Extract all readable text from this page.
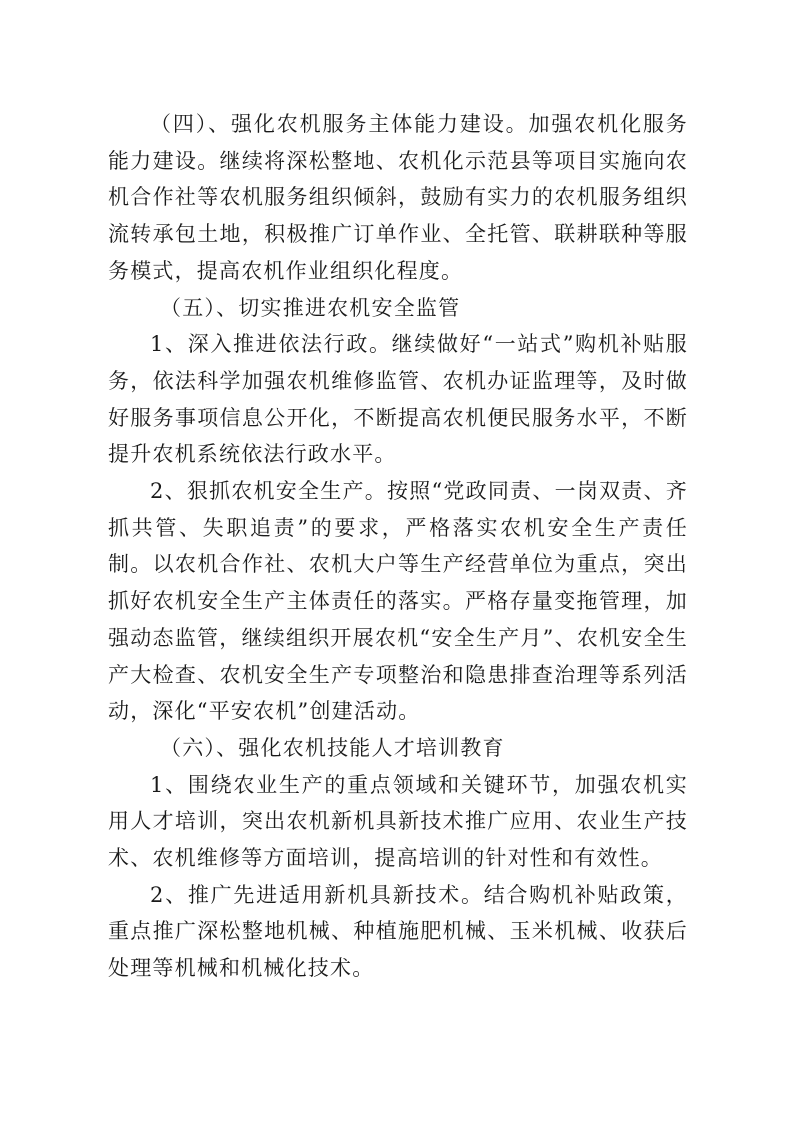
（四）、强化农机服务主体能力建设。加强农机化服务能力建设。继续将深松整地、农机化示范县等项目实施向农机合作社等农机服务组织倾斜，鼓励有实力的农机服务组织流转承包土地，积极推广订单作业、全托管、联耕联种等服务模式，提高农机作业组织化程度。

（五）、切实推进农机安全监管

1、深入推进依法行政。继续做好“一站式”购机补贴服务，依法科学加强农机维修监管、农机办证监理等，及时做好服务事项信息公开化，不断提高农机便民服务水平，不断提升农机系统依法行政水平。

2、狠抓农机安全生产。按照“党政同责、一岗双责、齐抓共管、失职追责”的要求，严格落实农机安全生产责任制。以农机合作社、农机大户等生产经营单位为重点，突出抓好农机安全生产主体责任的落实。严格存量变拖管理，加强动态监管，继续组织开展农机“安全生产月”、农机安全生产大检查、农机安全生产专项整治和隐患排查治理等系列活动，深化“平安农机”创建活动。

（六）、强化农机技能人才培训教育

1、围绕农业生产的重点领域和关键环节，加强农机实用人才培训，突出农机新机具新技术推广应用、农业生产技术、农机维修等方面培训，提高培训的针对性和有效性。

2、推广先进适用新机具新技术。结合购机补贴政策，重点推广深松整地机械、种植施肥机械、玉米机械、收获后处理等机械和机械化技术。
